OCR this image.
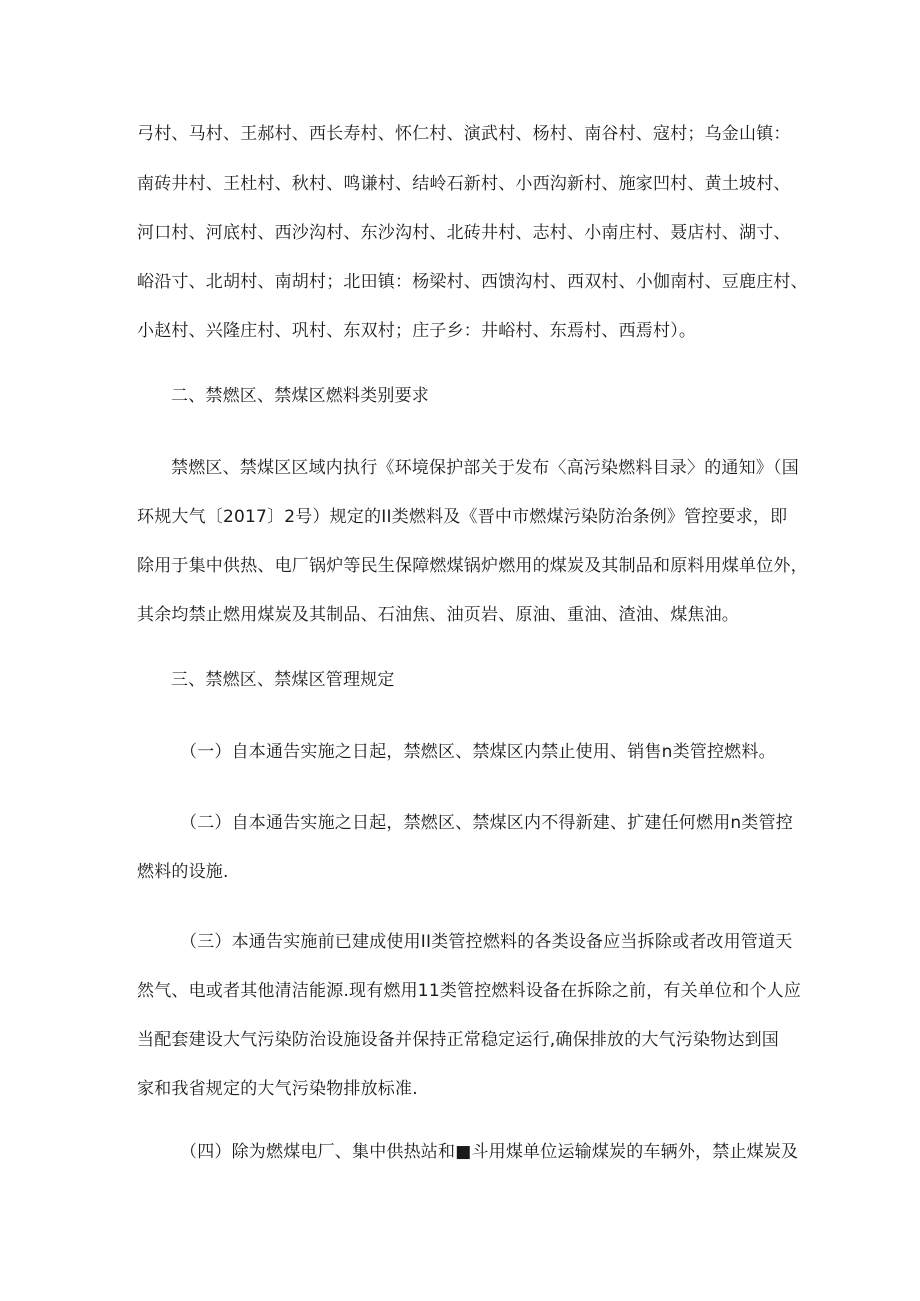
弓村、马村、王郝村、西长寿村、怀仁村、演武村、杨村、南谷村、寇村；乌金山镇：
南砖井村、王杜村、秋村、鸣谦村、结岭石新村、小西沟新村、施家凹村、黄土坡村、
河口村、河底村、西沙沟村、东沙沟村、北砖井村、志村、小南庄村、聂店村、湖寸、
峪沿寸、北胡村、南胡村；北田镇：杨梁村、西馈沟村、西双村、小伽南村、豆鹿庄村、
小赵村、兴隆庄村、巩村、东双村；庄子乡：井峪村、东焉村、西焉村）。
二、禁燃区、禁煤区燃料类别要求
禁燃区、禁煤区区域内执行《环境保护部关于发布〈高污染燃料目录〉的通知》（国
环规大气〔2017〕2号）规定的II类燃料及《晋中市燃煤污染防治条例》管控要求，即
除用于集中供热、电厂锅炉等民生保障燃煤锅炉燃用的煤炭及其制品和原料用煤单位外，
其余均禁止燃用煤炭及其制品、石油焦、油页岩、原油、重油、渣油、煤焦油。
三、禁燃区、禁煤区管理规定
（一）自本通告实施之日起，禁燃区、禁煤区内禁止使用、销售n类管控燃料。
（二）自本通告实施之日起，禁燃区、禁煤区内不得新建、扩建任何燃用n类管控
燃料的设施.
（三）本通告实施前已建成使用II类管控燃料的各类设备应当拆除或者改用管道天
然气、电或者其他清洁能源.现有燃用11类管控燃料设备在拆除之前，有关单位和个人应
当配套建设大气污染防治设施设备并保持正常稳定运行,确保排放的大气污染物达到国
家和我省规定的大气污染物排放标准.
（四）除为燃煤电厂、集中供热站和■斗用煤单位运输煤炭的车辆外，禁止煤炭及
